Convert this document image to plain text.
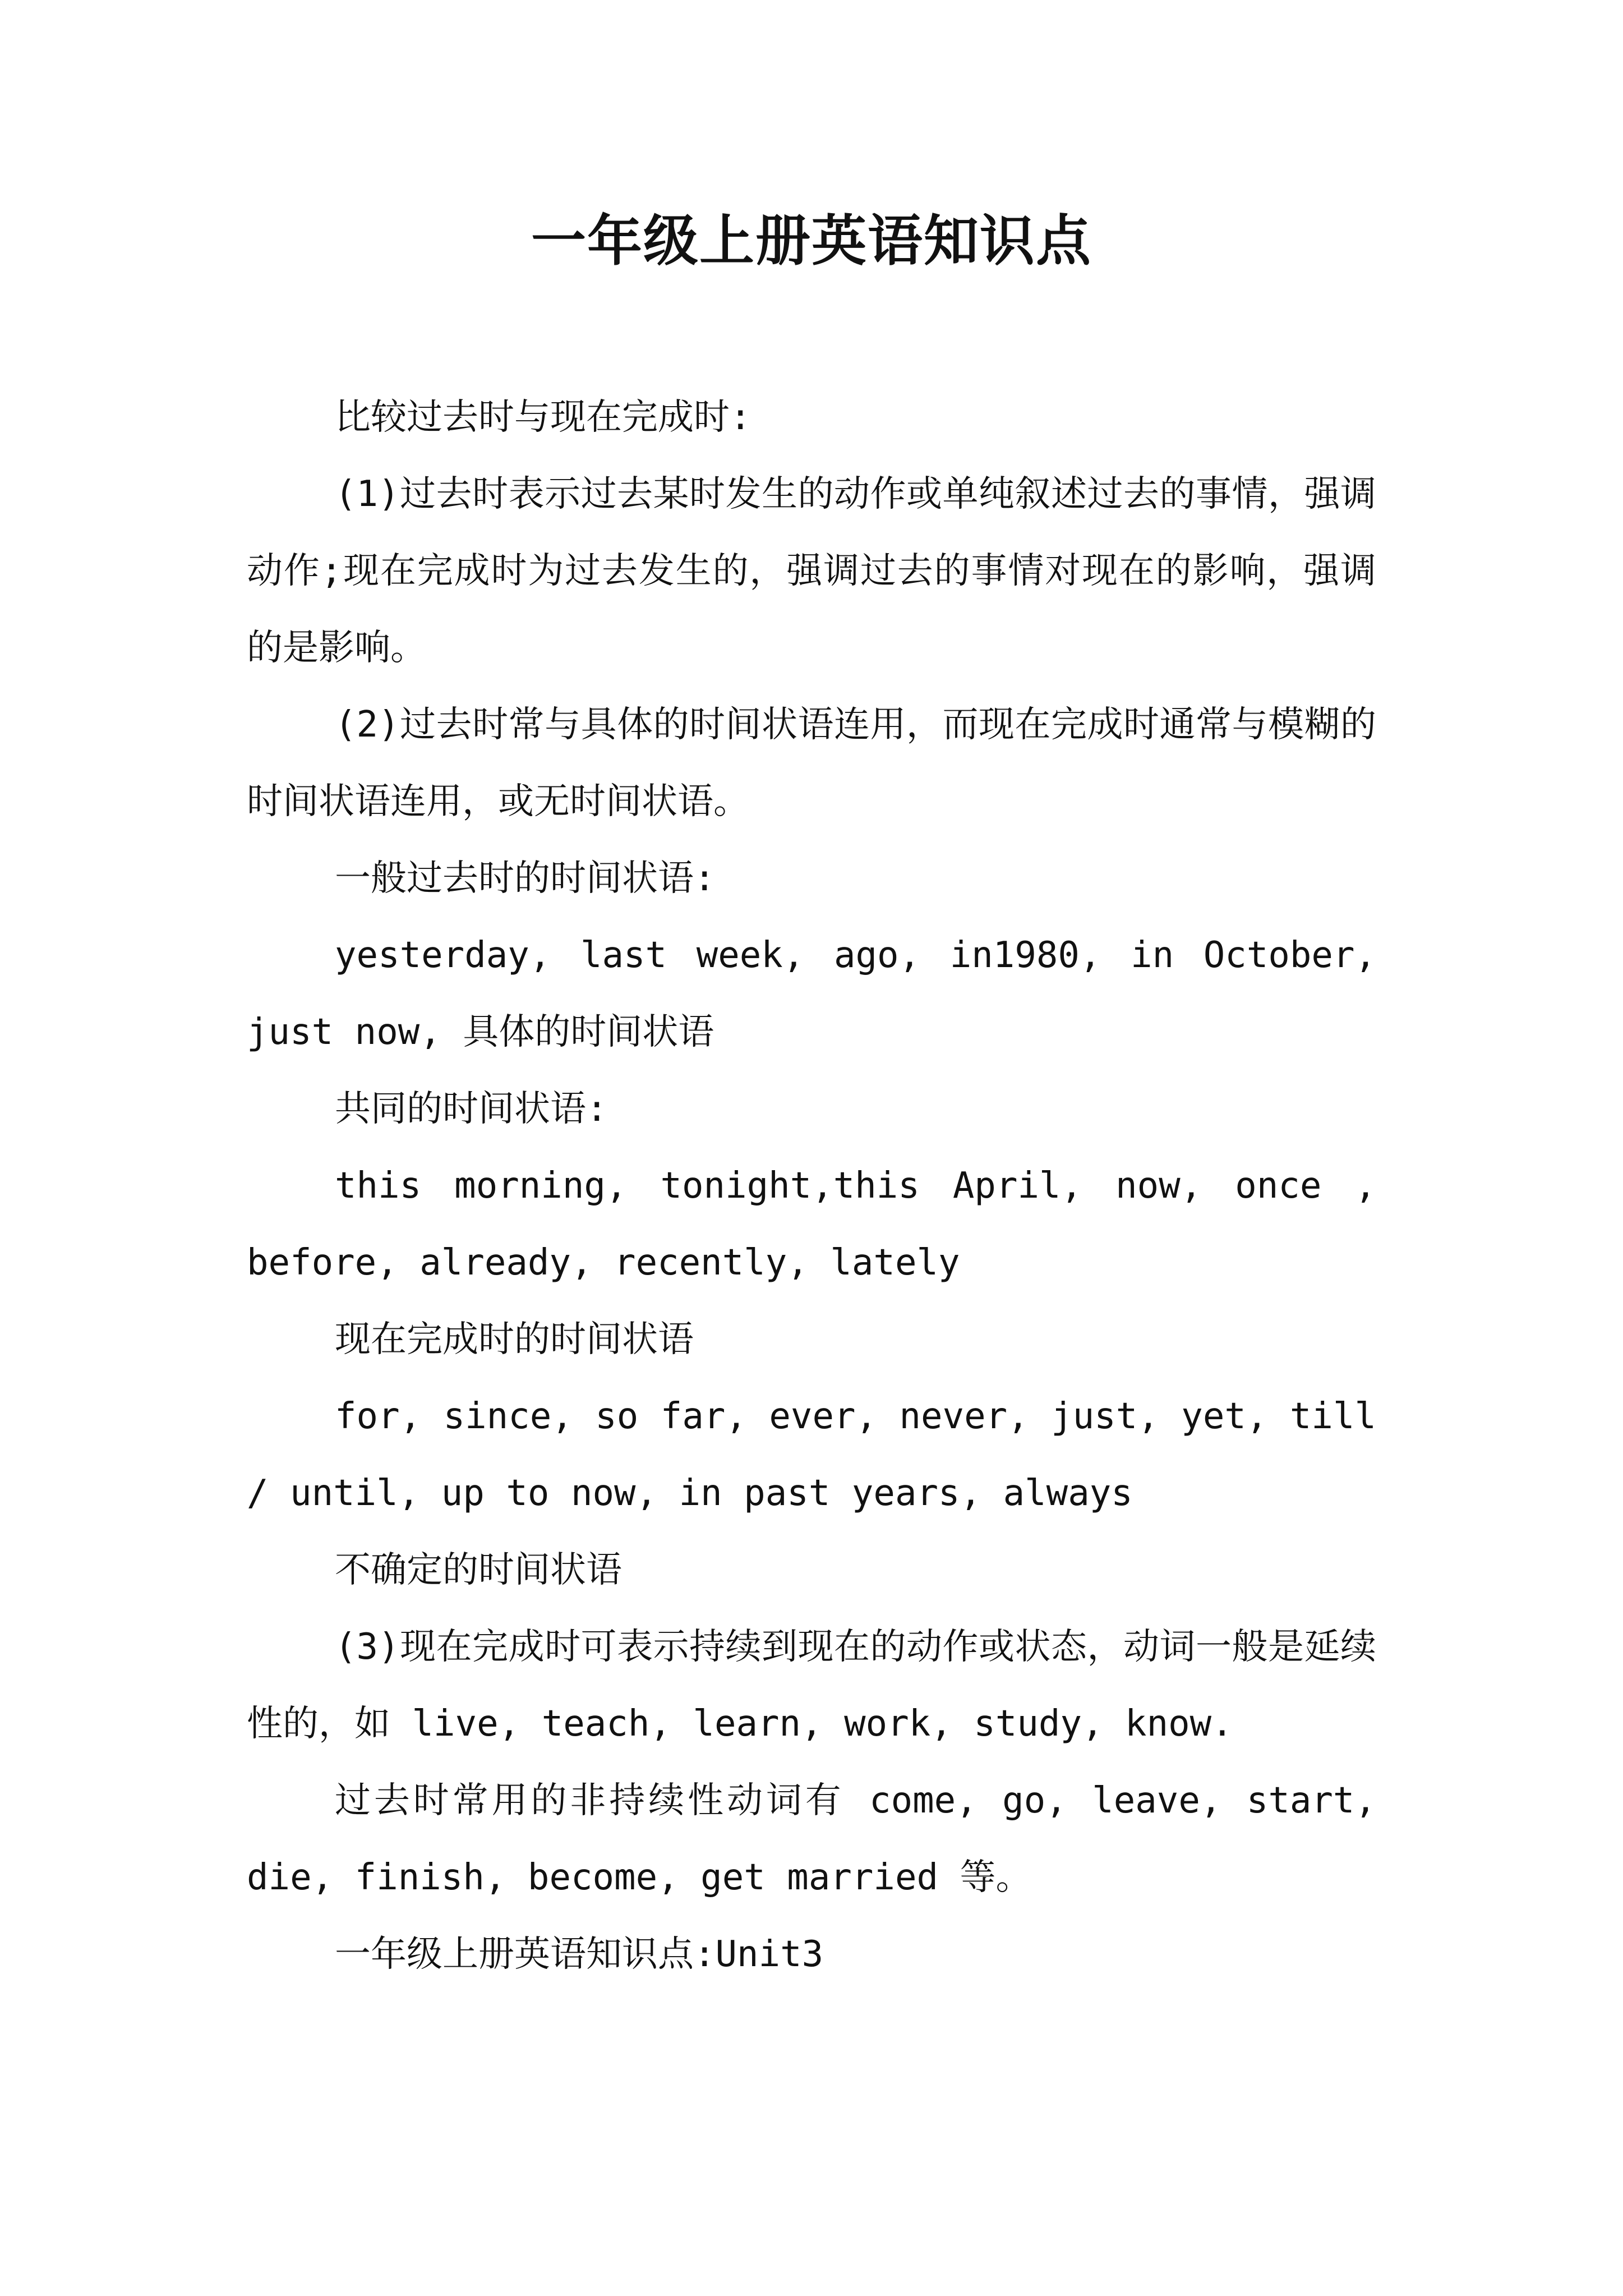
一年级上册英语知识点

比较过去时与现在完成时:

(1)过去时表示过去某时发生的动作或单纯叙述过去的事情，强调动作;现在完成时为过去发生的，强调过去的事情对现在的影响，强调的是影响。

(2)过去时常与具体的时间状语连用，而现在完成时通常与模糊的时间状语连用，或无时间状语。

一般过去时的时间状语:

yesterday, last week, ago, in1980, in October, just now, 具体的时间状语

共同的时间状语:

this morning, tonight,this April, now, once , before, already, recently, lately

现在完成时的时间状语

for, since, so far, ever, never, just, yet, till / until, up to now, in past years, always

不确定的时间状语

(3)现在完成时可表示持续到现在的动作或状态，动词一般是延续性的，如 live, teach, learn, work, study, know.

过去时常用的非持续性动词有 come, go, leave, start, die, finish, become, get married 等。

一年级上册英语知识点:Unit3
